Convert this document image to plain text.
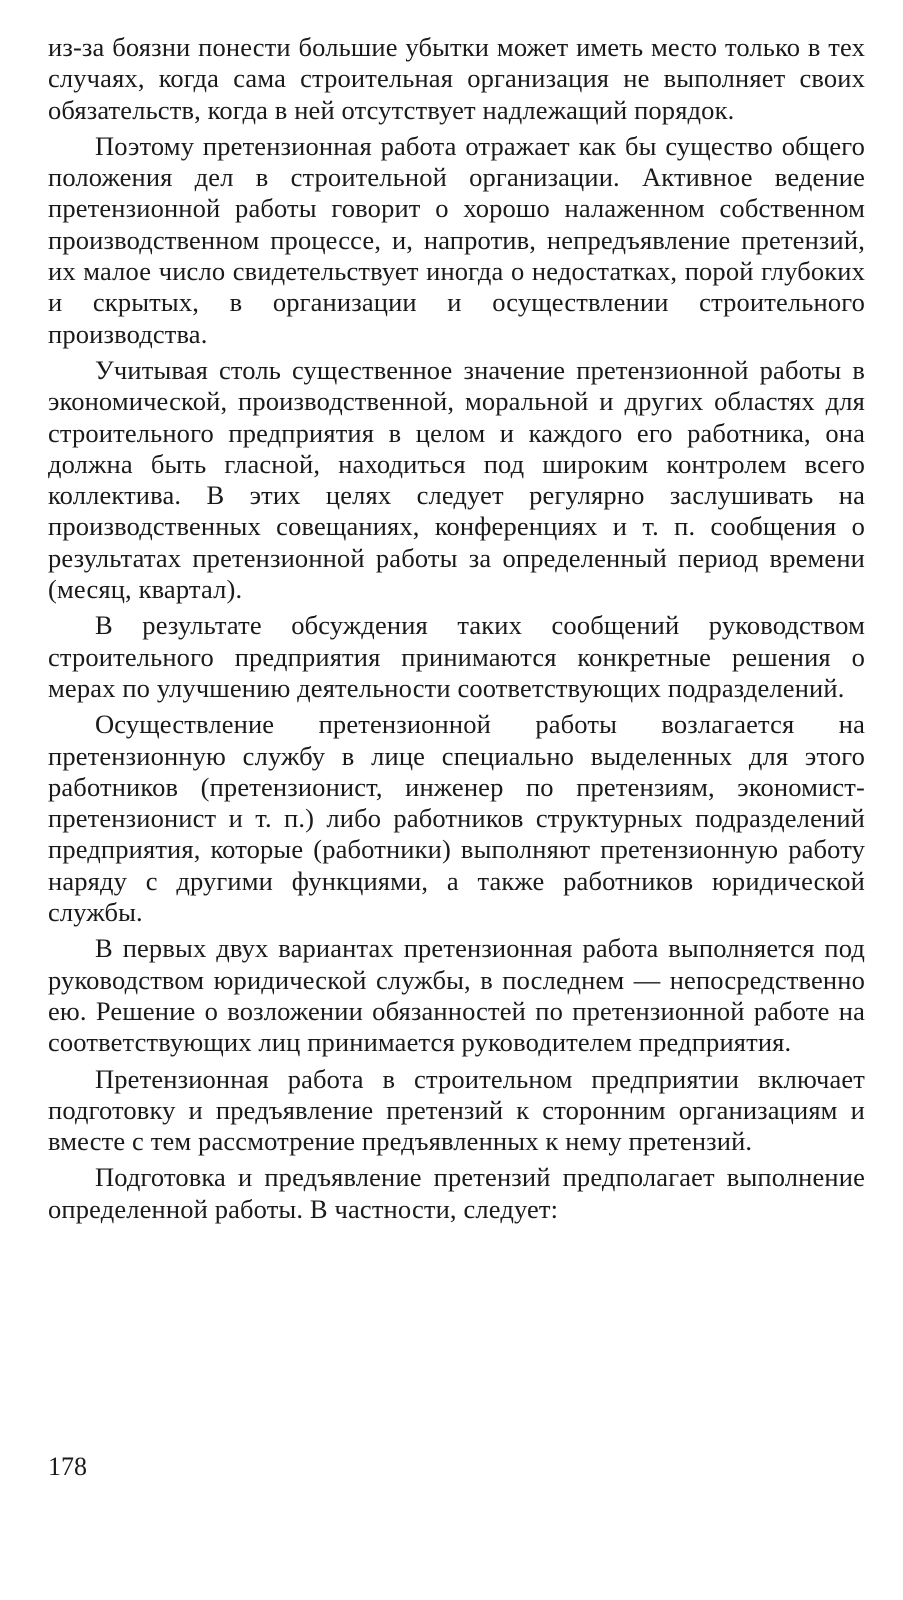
из-за боязни понести большие убытки может иметь место только в тех случаях, когда сама строительная организация не выполняет своих обязательств, когда в ней отсутствует надлежащий порядок.

Поэтому претензионная работа отражает как бы существо общего положения дел в строительной организации. Активное ведение претензионной работы говорит о хорошо налаженном собственном производственном процессе, и, напротив, непредъявление претензий, их малое число свидетельствует иногда о недостатках, порой глубоких и скрытых, в организации и осуществлении строительного производства.

Учитывая столь существенное значение претензионной работы в экономической, производственной, моральной и других областях для строительного предприятия в целом и каждого его работника, она должна быть гласной, находиться под широким контролем всего коллектива. В этих целях следует регулярно заслушивать на производственных совещаниях, конференциях и т. п. сообщения о результатах претензионной работы за определенный период времени (месяц, квартал).

В результате обсуждения таких сообщений руководством строительного предприятия принимаются конкретные решения о мерах по улучшению деятельности соответствующих подразделений.

Осуществление претензионной работы возлагается на претензионную службу в лице специально выделенных для этого работников (претензионист, инженер по претензиям, экономист-претензионист и т. п.) либо работников структурных подразделений предприятия, которые (работники) выполняют претензионную работу наряду с другими функциями, а также работников юридической службы.

В первых двух вариантах претензионная работа выполняется под руководством юридической службы, в последнем — непосредственно ею. Решение о возложении обязанностей по претензионной работе на соответствующих лиц принимается руководителем предприятия.

Претензионная работа в строительном предприятии включает подготовку и предъявление претензий к сторонним организациям и вместе с тем рассмотрение предъявленных к нему претензий.

Подготовка и предъявление претензий предполагает выполнение определенной работы. В частности, следует:

178
